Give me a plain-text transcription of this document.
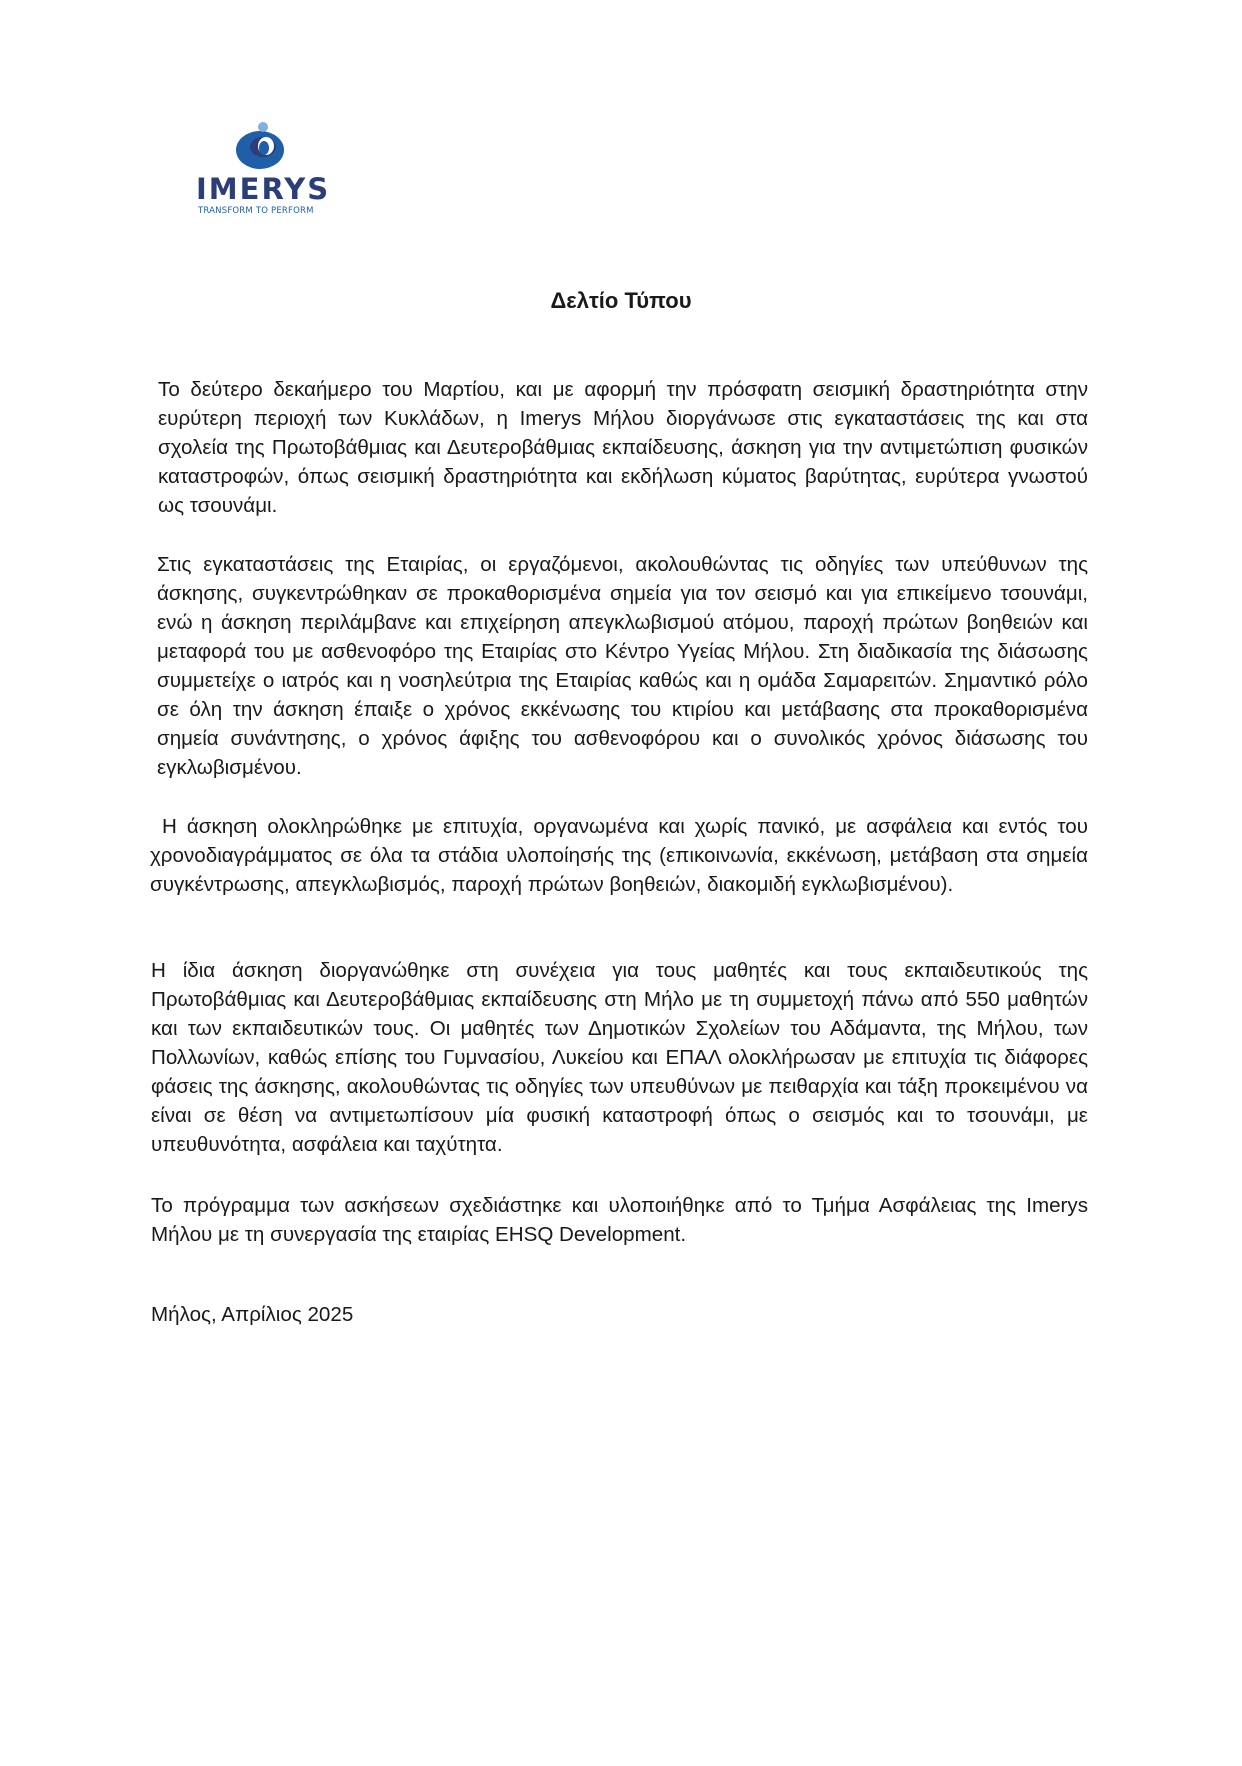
IMERYS
TRANSFORM TO PERFORM
Δελτίο Τύπου

Το δεύτερο δεκαήμερο του Μαρτίου, και με αφορμή την πρόσφατη σεισμική δραστηριότητα στην ευρύτερη περιοχή των Κυκλάδων, η Imerys Μήλου διοργάνωσε στις εγκαταστάσεις της και στα σχολεία της Πρωτοβάθμιας και Δευτεροβάθμιας εκπαίδευσης, άσκηση για την αντιμετώπιση φυσικών καταστροφών, όπως σεισμική δραστηριότητα και εκδήλωση κύματος βαρύτητας, ευρύτερα γνωστού ως τσουνάμι.

Στις εγκαταστάσεις της Εταιρίας, οι εργαζόμενοι, ακολουθώντας τις οδηγίες των υπεύθυνων της άσκησης, συγκεντρώθηκαν σε προκαθορισμένα σημεία για τον σεισμό και για επικείμενο τσουνάμι, ενώ η άσκηση περιλάμβανε και επιχείρηση απεγκλωβισμού ατόμου, παροχή πρώτων βοηθειών και μεταφορά του με ασθενοφόρο της Εταιρίας στο Κέντρο Υγείας Μήλου. Στη διαδικασία της διάσωσης συμμετείχε ο ιατρός και η νοσηλεύτρια της Εταιρίας καθώς και η ομάδα Σαμαρειτών. Σημαντικό ρόλο σε όλη την άσκηση έπαιξε ο χρόνος εκκένωσης του κτιρίου και μετάβασης στα προκαθορισμένα σημεία συνάντησης, ο χρόνος άφιξης του ασθενοφόρου και ο συνολικός χρόνος διάσωσης του εγκλωβισμένου.

Η άσκηση ολοκληρώθηκε με επιτυχία, οργανωμένα και χωρίς πανικό, με ασφάλεια και εντός του χρονοδιαγράμματος σε όλα τα στάδια υλοποίησής της (επικοινωνία, εκκένωση, μετάβαση στα σημεία συγκέντρωσης, απεγκλωβισμός, παροχή πρώτων βοηθειών, διακομιδή εγκλωβισμένου).

Η ίδια άσκηση διοργανώθηκε στη συνέχεια για τους μαθητές και τους εκπαιδευτικούς της Πρωτοβάθμιας και Δευτεροβάθμιας εκπαίδευσης στη Μήλο με τη συμμετοχή πάνω από 550 μαθητών και των εκπαιδευτικών τους. Οι μαθητές των Δημοτικών Σχολείων του Αδάμαντα, της Μήλου, των Πολλωνίων, καθώς επίσης του Γυμνασίου, Λυκείου και ΕΠΑΛ ολοκλήρωσαν με επιτυχία τις διάφορες φάσεις της άσκησης, ακολουθώντας τις οδηγίες των υπευθύνων με πειθαρχία και τάξη προκειμένου να είναι σε θέση να αντιμετωπίσουν μία φυσική καταστροφή όπως ο σεισμός και το τσουνάμι, με υπευθυνότητα, ασφάλεια και ταχύτητα.

Το πρόγραμμα των ασκήσεων σχεδιάστηκε και υλοποιήθηκε από το Τμήμα Ασφάλειας της Imerys Μήλου με τη συνεργασία της εταιρίας EHSQ Development.

Μήλος, Απρίλιος 2025
